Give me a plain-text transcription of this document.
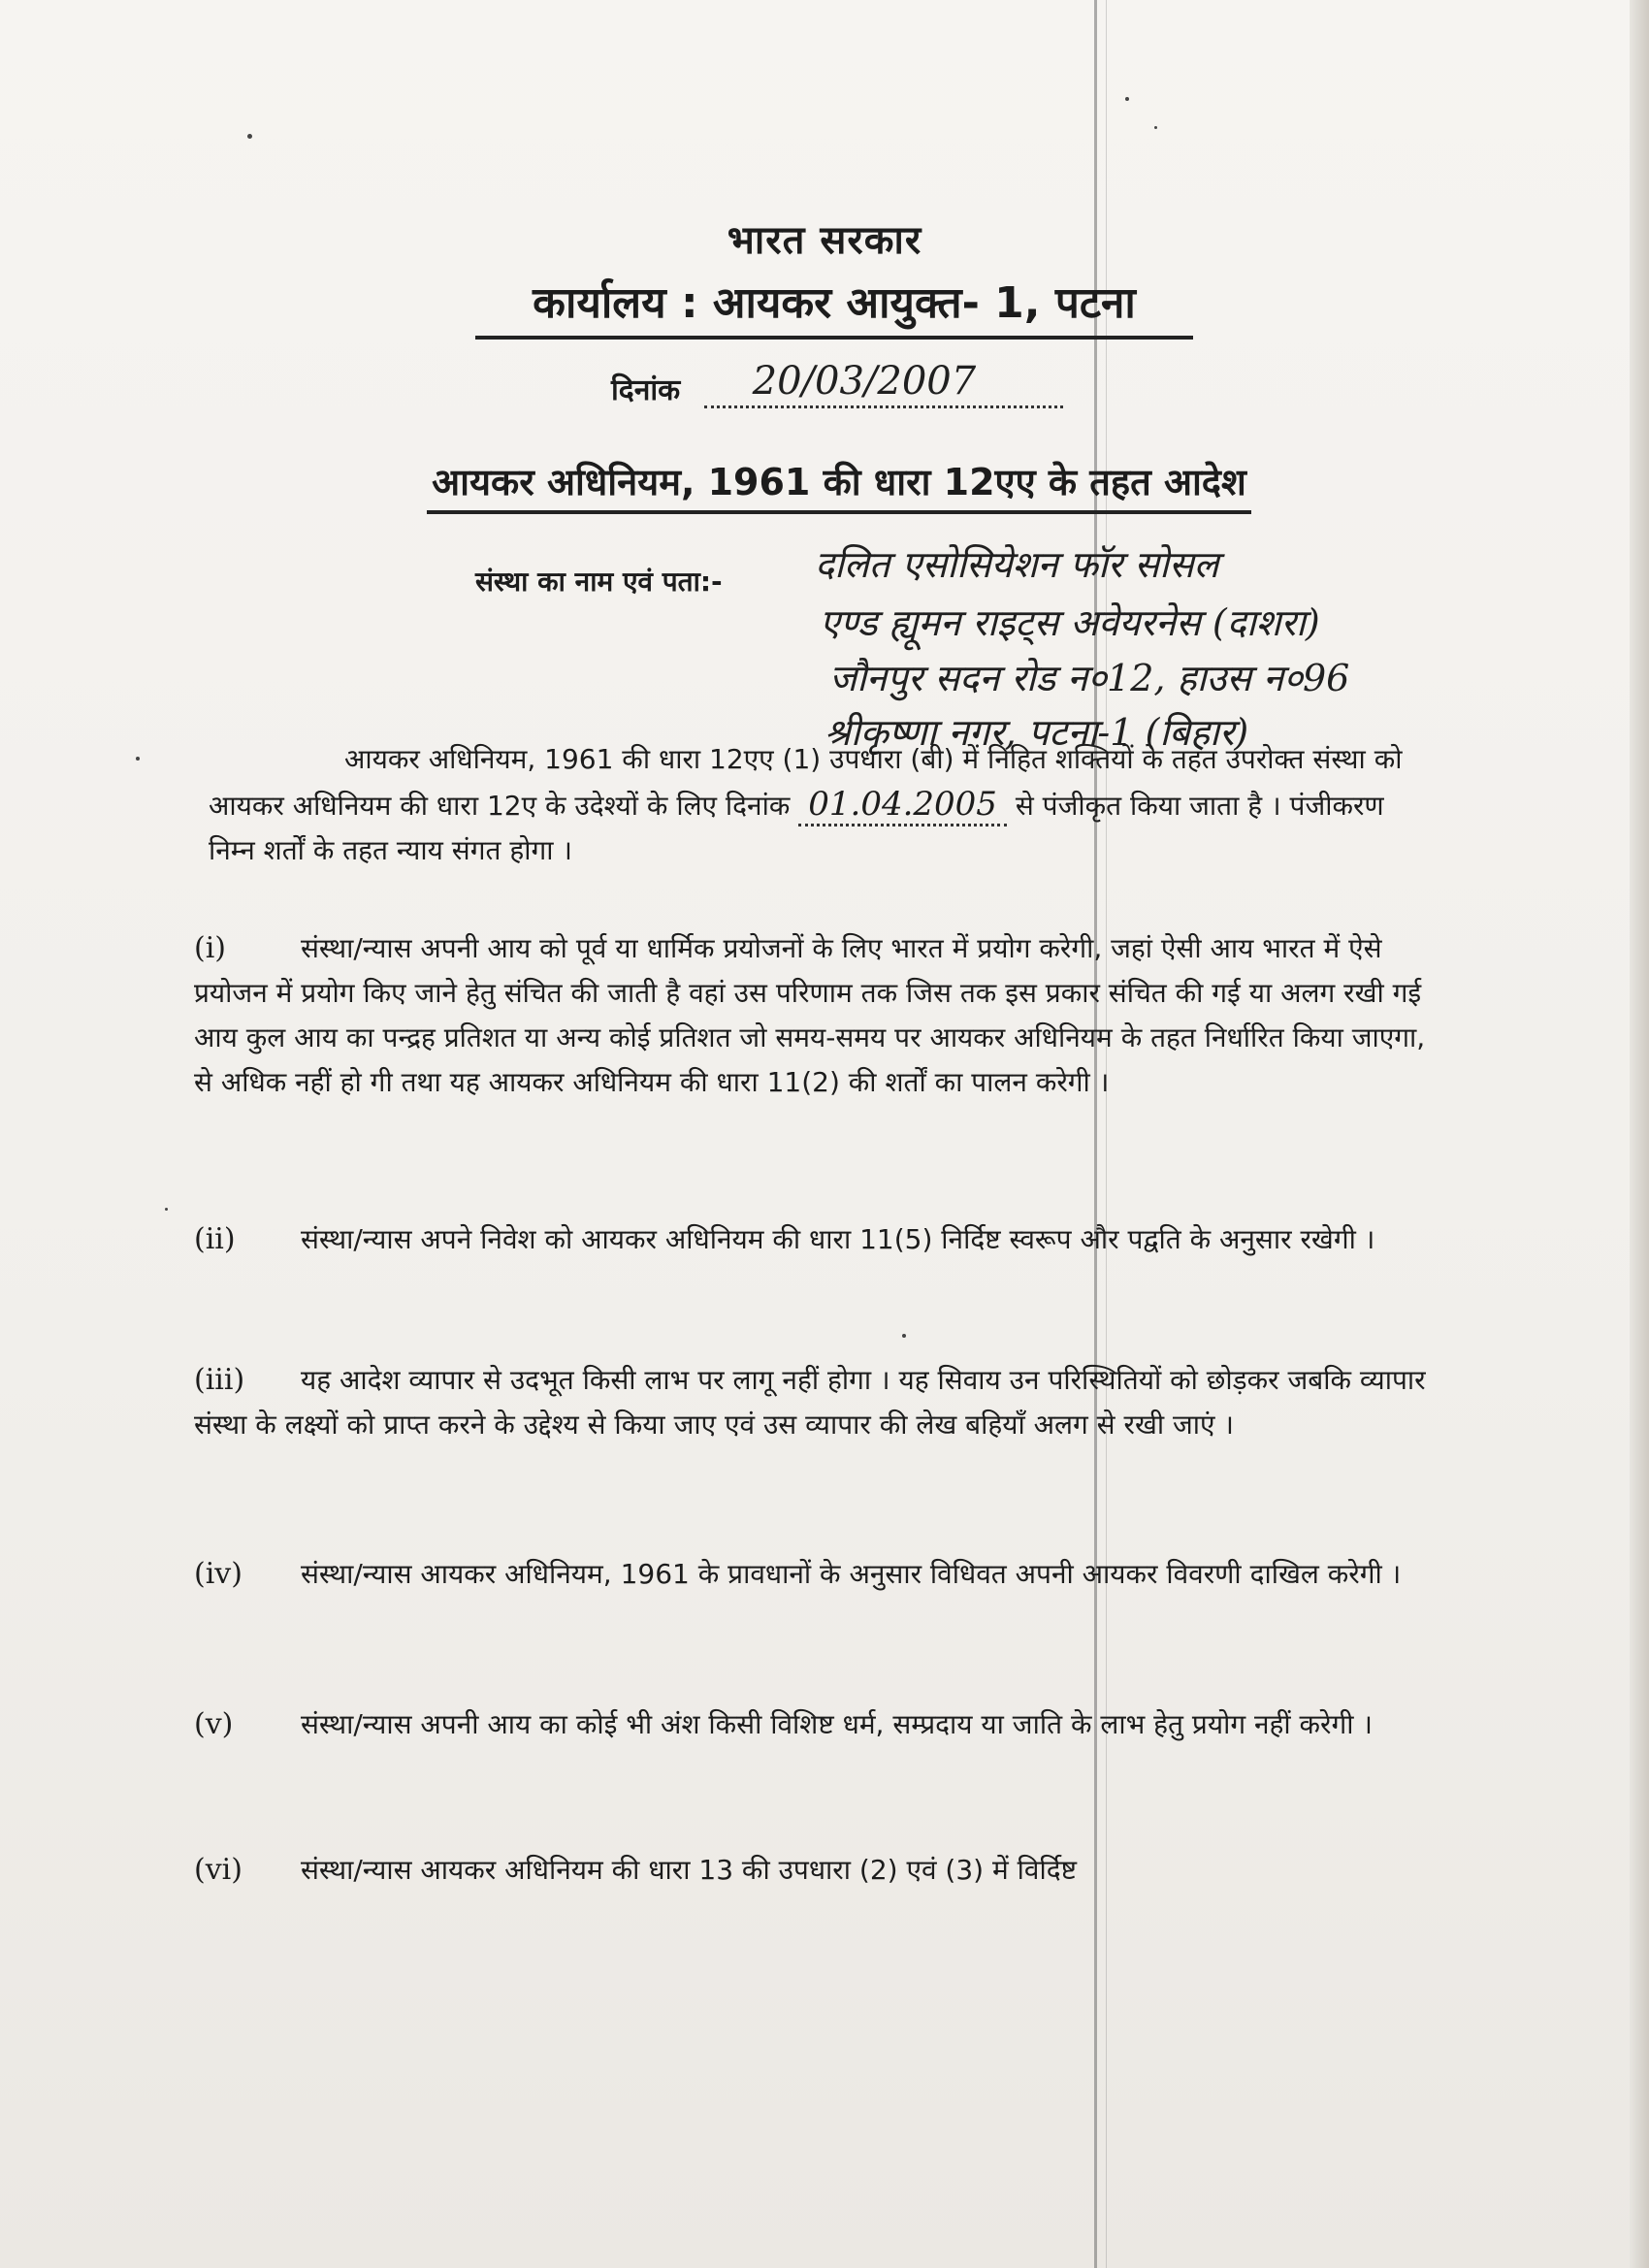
भारत सरकार
कार्यालय : आयकर आयुक्त- 1, पटना
दिनांक 20/03/2007
आयकर अधिनियम, 1961 की धारा 12एए के तहत आदेश
संस्था का नाम एवं पता:-	दलित एसोसियेशन फॉर सोसल
एण्ड ह्यूमन राइट्स अवेयरनेस (दाशरा)
जौनपुर सदन रोड न०12, हाउस न०96
श्रीकृष्णा नगर, पटना-1 (बिहार)
आयकर अधिनियम, 1961 की धारा 12एए (1) उपधारा (बी) में निहित शक्तियों के तहत उपरोक्त संस्था को आयकर अधिनियम की धारा 12ए के उदेश्यों के लिए दिनांक 01.04.2005 से पंजीकृत किया जाता है । पंजीकरण निम्न शर्तों के तहत न्याय संगत होगा ।
(i)	संस्था/न्यास अपनी आय को पूर्व या धार्मिक प्रयोजनों के लिए भारत में प्रयोग करेगी, जहां ऐसी आय भारत में ऐसे प्रयोजन में प्रयोग किए जाने हेतु संचित की जाती है वहां उस परिणाम तक जिस तक इस प्रकार संचित की गई या अलग रखी गई आय कुल आय का पन्द्रह प्रतिशत या अन्य कोई प्रतिशत जो समय-समय पर आयकर अधिनियम के तहत निर्धारित किया जाएगा, से अधिक नहीं हो गी तथा यह आयकर अधिनियम की धारा 11(2) की शर्तों का पालन करेगी ।
(ii) संस्था/न्यास अपने निवेश को आयकर अधिनियम की धारा 11(5) निर्दिष्ट स्वरूप और पद्वति के अनुसार रखेगी ।
(iii) यह आदेश व्यापार से उदभूत किसी लाभ पर लागू नहीं होगा । यह सिवाय उन परिस्थितियों को छोड़कर जबकि व्यापार संस्था के लक्ष्यों को प्राप्त करने के उद्देश्य से किया जाए एवं उस व्यापार की लेख बहियाँ अलग से रखी जाएं ।
(iv) संस्था/न्यास आयकर अधिनियम, 1961 के प्रावधानों के अनुसार विधिवत अपनी आयकर विवरणी दाखिल करेगी ।
(v) संस्था/न्यास अपनी आय का कोई भी अंश किसी विशिष्ट धर्म, सम्प्रदाय या जाति के लाभ हेतु प्रयोग नहीं करेगी ।
(vi) संस्था/न्यास आयकर अधिनियम की धारा 13 की उपधारा (2) एवं (3) में विर्दिष्ट
